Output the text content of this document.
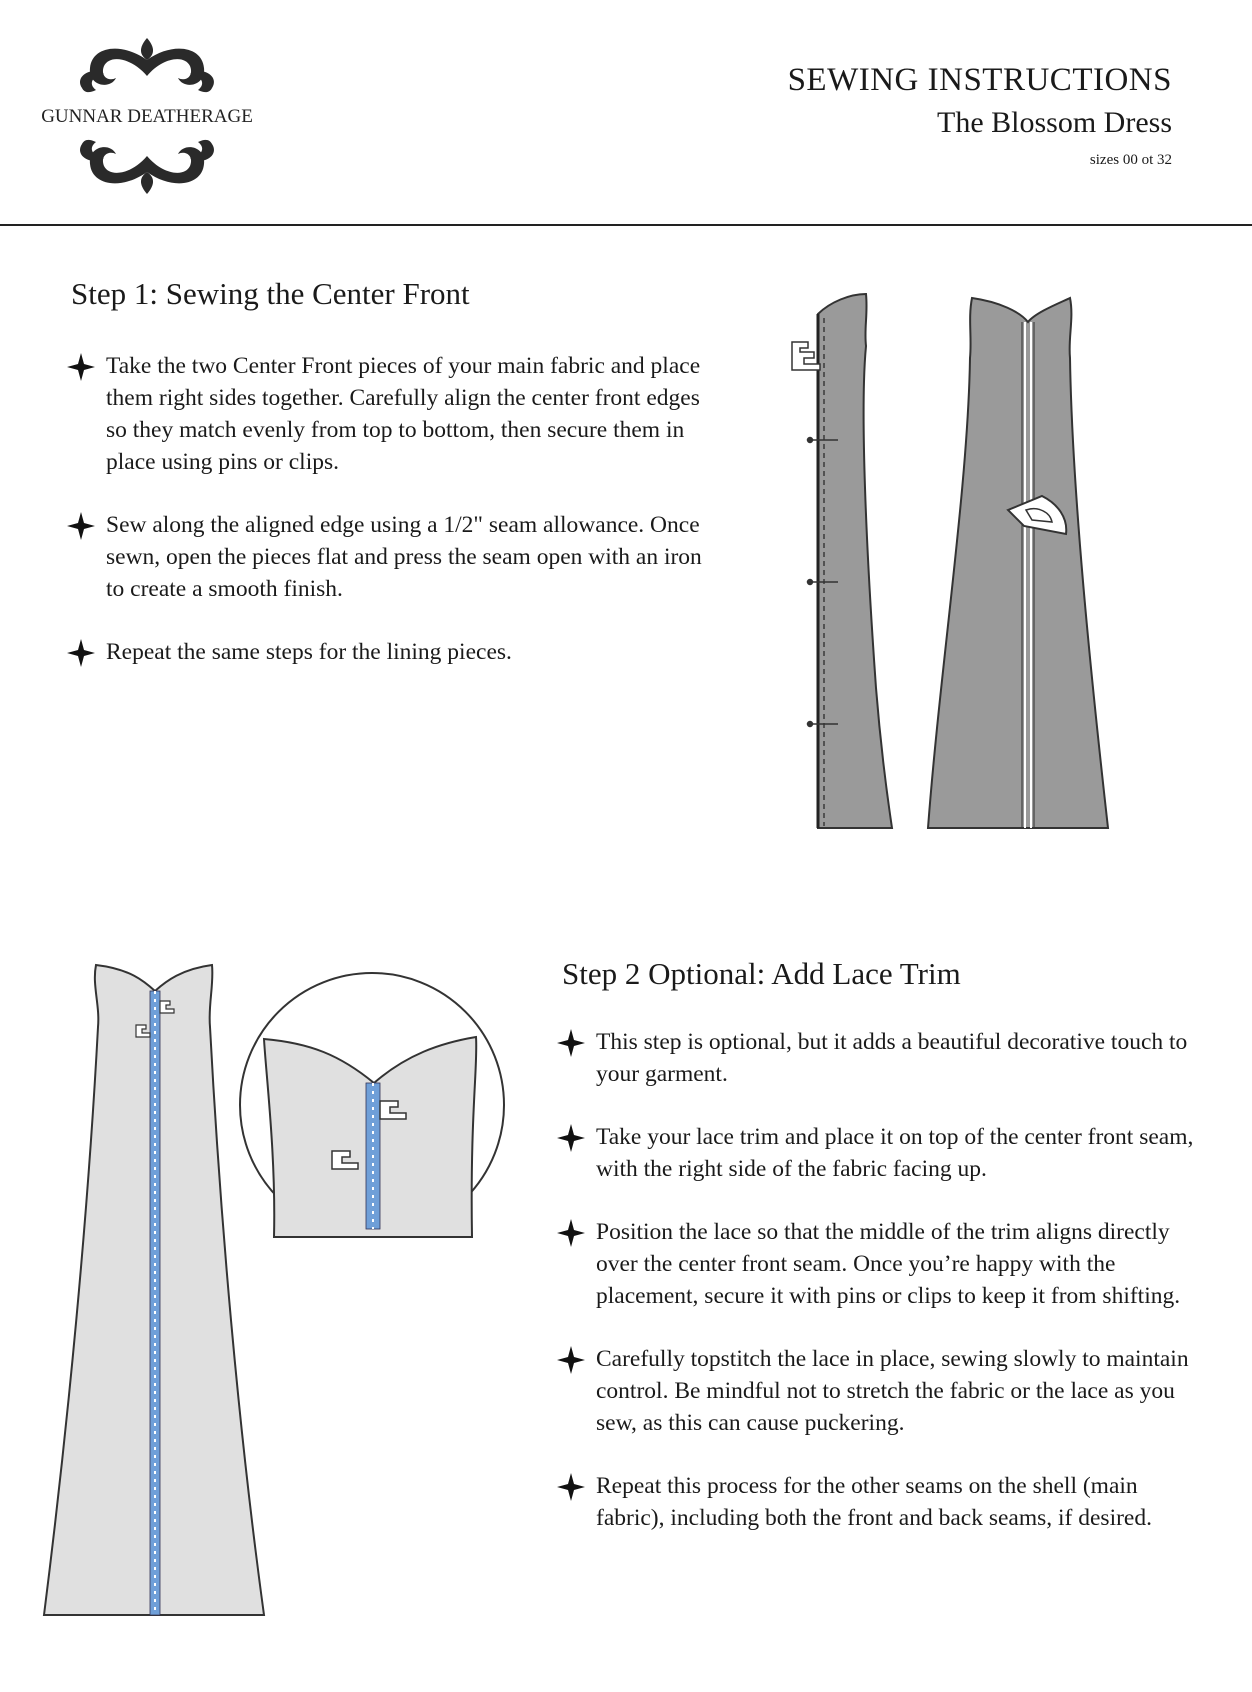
GUNNAR DEATHERAGE
SEWING INSTRUCTIONS
The Blossom Dress
sizes 00 ot 32
Step 1: Sewing the Center Front
Take the two Center Front pieces of your main fabric and place them right sides together. Carefully align the center front edges so they match evenly from top to bottom, then secure them in place using pins or clips.
Sew along the aligned edge using a 1/2" seam allowance. Once sewn, open the pieces flat and press the seam open with an iron to create a smooth finish.
Repeat the same steps for the lining pieces.
Step 2 Optional: Add Lace Trim
This step is optional, but it adds a beautiful decorative touch to your garment.
Take your lace trim and place it on top of the center front seam, with the right side of the fabric facing up.
Position the lace so that the middle of the trim aligns directly over the center front seam. Once you’re happy with the placement, secure it with pins or clips to keep it from shifting.
Carefully topstitch the lace in place, sewing slowly to maintain control. Be mindful not to stretch the fabric or the lace as you sew, as this can cause puckering.
Repeat this process for the other seams on the shell (main fabric), including both the front and back seams, if desired.
